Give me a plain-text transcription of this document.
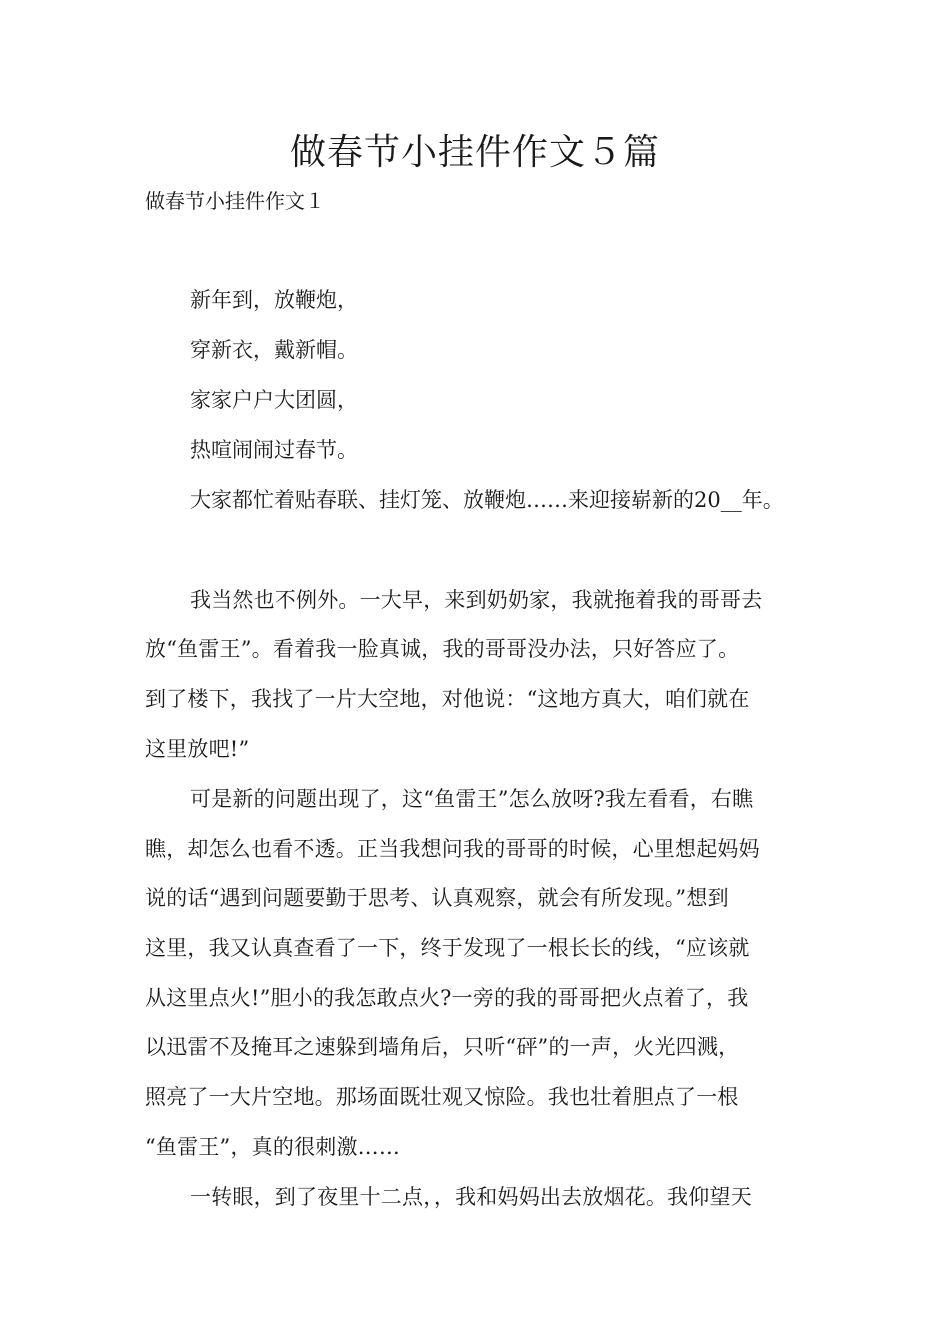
做春节小挂件作文５篇
做春节小挂件作文１
新年到，放鞭炮，
穿新衣，戴新帽。
家家户户大团圆，
热喧闹闹过春节。
大家都忙着贴春联、挂灯笼、放鞭炮……来迎接崭新的20__年。
我当然也不例外。一大早，来到奶奶家，我就拖着我的哥哥去
放“鱼雷王”。看着我一脸真诚，我的哥哥没办法，只好答应了。
到了楼下，我找了一片大空地，对他说：“这地方真大，咱们就在
这里放吧!”
可是新的问题出现了，这“鱼雷王”怎么放呀?我左看看，右瞧
瞧，却怎么也看不透。正当我想问我的哥哥的时候，心里想起妈妈
说的话“遇到问题要勤于思考、认真观察，就会有所发现。”想到
这里，我又认真查看了一下，终于发现了一根长长的线，“应该就
从这里点火!”胆小的我怎敢点火?一旁的我的哥哥把火点着了，我
以迅雷不及掩耳之速躲到墙角后，只听“砰”的一声，火光四溅，
照亮了一大片空地。那场面既壮观又惊险。我也壮着胆点了一根
“鱼雷王”，真的很刺激……
一转眼，到了夜里十二点，，我和妈妈出去放烟花。我仰望天
